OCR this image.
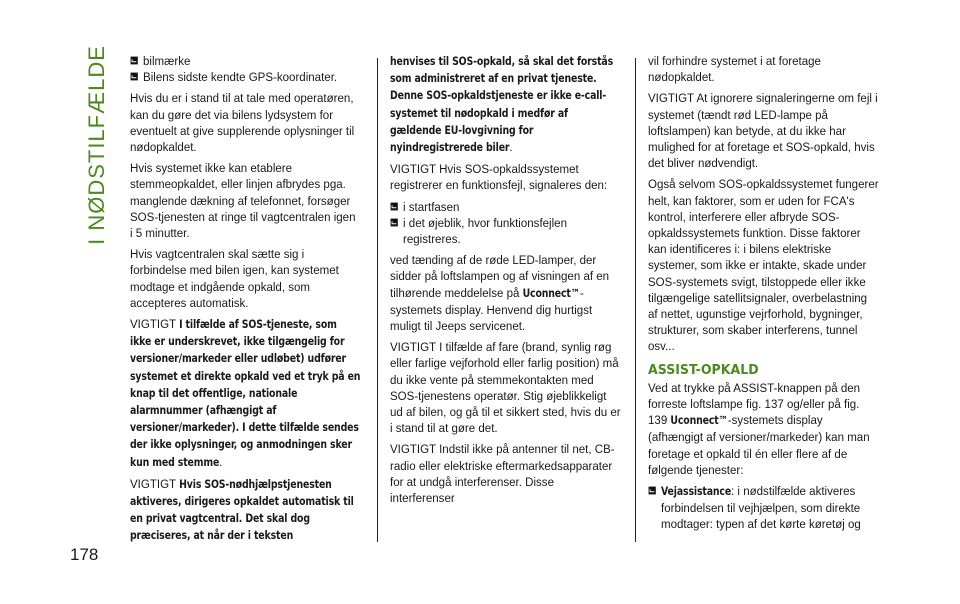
I NØDSTILFÆLDE
178

bilmærke

Bilens sidste kendte GPS-koordinater.

Hvis du er i stand til at tale med operatøren, kan du gøre det via bilens lydsystem for eventuelt at give supplerende oplysninger til nødopkaldet.

Hvis systemet ikke kan etablere stemmeopkaldet, eller linjen afbrydes pga. manglende dækning af telefonnet, forsøger SOS-tjenesten at ringe til vagtcentralen igen i 5 minutter.

Hvis vagtcentralen skal sætte sig i forbindelse med bilen igen, kan systemet modtage et indgående opkald, som accepteres automatisk.

VIGTIGT I tilfælde af SOS-tjeneste, som ikke er underskrevet, ikke tilgængelig for versioner/markeder eller udløbet) udfører systemet et direkte opkald ved et tryk på en knap til det offentlige, nationale alarmnummer (afhængigt af versioner/markeder). I dette tilfælde sendes der ikke oplysninger, og anmodningen sker kun med stemme.

VIGTIGT Hvis SOS-nødhjælpstjenesten aktiveres, dirigeres opkaldet automatisk til en privat vagtcentral. Det skal dog præciseres, at når der i teksten

henvises til SOS-opkald, så skal det forstås som administreret af en privat tjeneste. Denne SOS-opkaldstjeneste er ikke e-call-systemet til nødopkald i medfør af gældende EU-lovgivning for nyindregistrerede biler.

VIGTIGT Hvis SOS-opkaldssystemet registrerer en funktionsfejl, signaleres den:

i startfasen

i det øjeblik, hvor funktionsfejlen registreres.

ved tænding af de røde LED-lamper, der sidder på loftslampen og af visningen af en tilhørende meddelelse på Uconnect™-systemets display. Henvend dig hurtigst muligt til Jeeps servicenet.

VIGTIGT I tilfælde af fare (brand, synlig røg eller farlige vejforhold eller farlig position) må du ikke vente på stemmekontakten med SOS-tjenestens operatør. Stig øjeblikkeligt ud af bilen, og gå til et sikkert sted, hvis du er i stand til at gøre det.

VIGTIGT Indstil ikke på antenner til net, CB-radio eller elektriske eftermarkedsapparater for at undgå interferenser. Disse interferenser

vil forhindre systemet i at foretage nødopkaldet.

VIGTIGT At ignorere signaleringerne om fejl i systemet (tændt rød LED-lampe på loftslampen) kan betyde, at du ikke har mulighed for at foretage et SOS-opkald, hvis det bliver nødvendigt.

Også selvom SOS-opkaldssystemet fungerer helt, kan faktorer, som er uden for FCA's kontrol, interferere eller afbryde SOS-opkaldssystemets funktion. Disse faktorer kan identificeres i: i bilens elektriske systemer, som ikke er intakte, skade under SOS-systemets svigt, tilstoppede eller ikke tilgængelige satellitsignaler, overbelastning af nettet, ugunstige vejrforhold, bygninger, strukturer, som skaber interferens, tunnel osv...

ASSIST-OPKALD

Ved at trykke på ASSIST-knappen på den forreste loftslampe fig. 137 og/eller på fig. 139 Uconnect™-systemets display (afhængigt af versioner/markeder) kan man foretage et opkald til én eller flere af de følgende tjenester:

Vejassistance: i nødstilfælde aktiveres forbindelsen til vejhjælpen, som direkte modtager: typen af det kørte køretøj og
